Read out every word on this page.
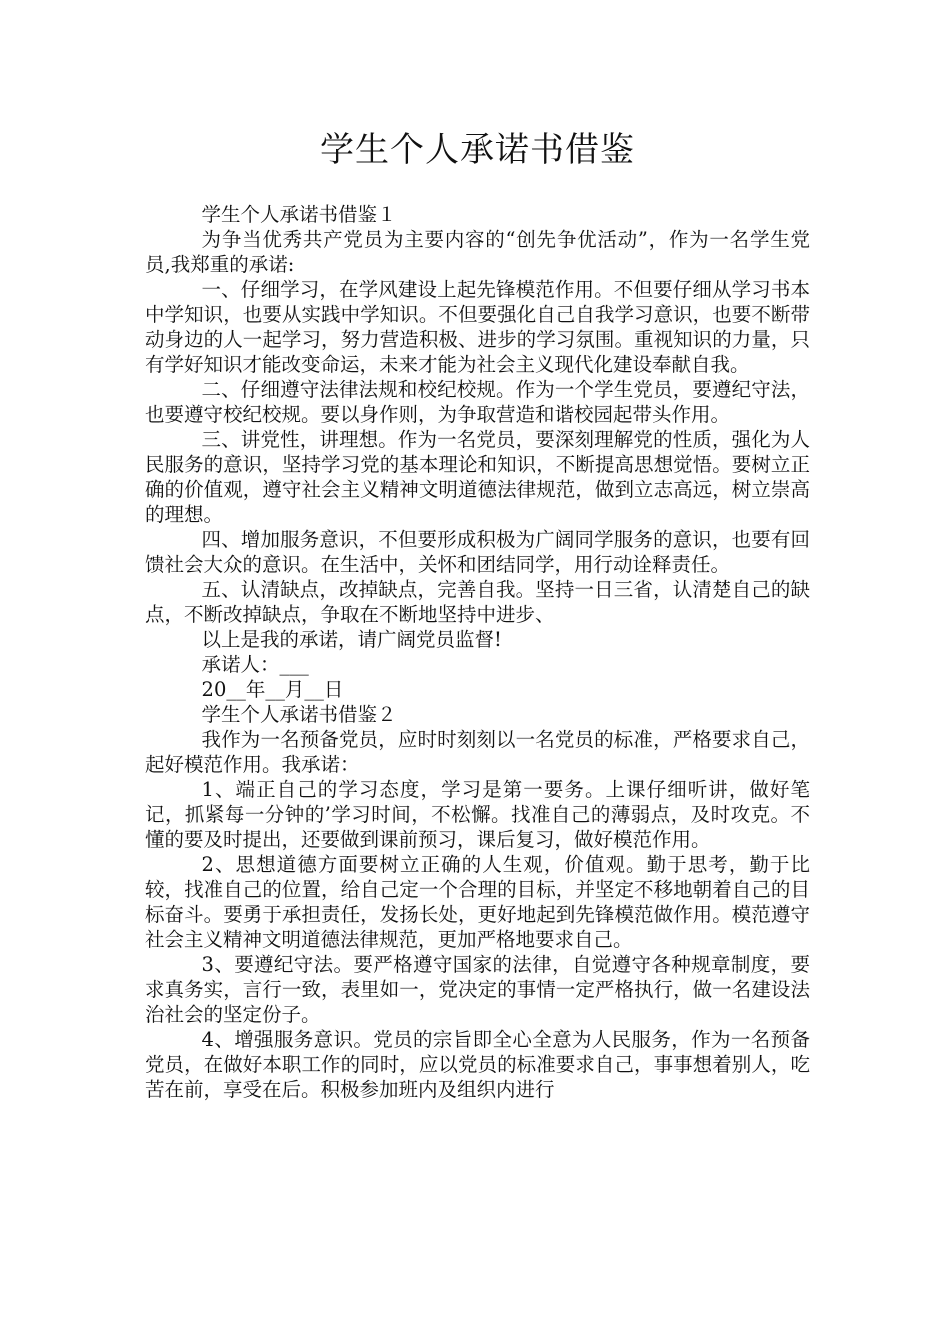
学生个人承诺书借鉴

学生个人承诺书借鉴１

为争当优秀共产党员为主要内容的“创先争优活动”，作为一名学生党员,我郑重的承诺:

一、仔细学习，在学风建设上起先锋模范作用。不但要仔细从学习书本中学知识，也要从实践中学知识。不但要强化自己自我学习意识，也要不断带动身边的人一起学习，努力营造积极、进步的学习氛围。重视知识的力量，只有学好知识才能改变命运，未来才能为社会主义现代化建设奉献自我。

二、仔细遵守法律法规和校纪校规。作为一个学生党员，要遵纪守法，也要遵守校纪校规。要以身作则，为争取营造和谐校园起带头作用。

三、讲党性，讲理想。作为一名党员，要深刻理解党的性质，强化为人民服务的意识，坚持学习党的基本理论和知识，不断提高思想觉悟。要树立正确的价值观，遵守社会主义精神文明道德法律规范，做到立志高远，树立崇高的理想。

四、增加服务意识，不但要形成积极为广阔同学服务的意识，也要有回馈社会大众的意识。在生活中，关怀和团结同学，用行动诠释责任。

五、认清缺点，改掉缺点，完善自我。坚持一日三省，认清楚自己的缺点，不断改掉缺点，争取在不断地坚持中进步、

以上是我的承诺，请广阔党员监督!

承诺人：___

20__年__月__日

学生个人承诺书借鉴２

我作为一名预备党员，应时时刻刻以一名党员的标准，严格要求自己，起好模范作用。我承诺：

1、端正自己的学习态度，学习是第一要务。上课仔细听讲，做好笔记，抓紧每一分钟的’学习时间，不松懈。找准自己的薄弱点，及时攻克。不懂的要及时提出，还要做到课前预习，课后复习，做好模范作用。

2、思想道德方面要树立正确的人生观，价值观。勤于思考，勤于比较，找准自己的位置，给自己定一个合理的目标，并坚定不移地朝着自己的目标奋斗。要勇于承担责任，发扬长处，更好地起到先锋模范做作用。模范遵守社会主义精神文明道德法律规范，更加严格地要求自己。

3、要遵纪守法。要严格遵守国家的法律，自觉遵守各种规章制度，要求真务实，言行一致，表里如一，党决定的事情一定严格执行，做一名建设法治社会的坚定份子。

4、增强服务意识。党员的宗旨即全心全意为人民服务，作为一名预备党员，在做好本职工作的同时，应以党员的标准要求自己，事事想着别人，吃苦在前，享受在后。积极参加班内及组织内进行
